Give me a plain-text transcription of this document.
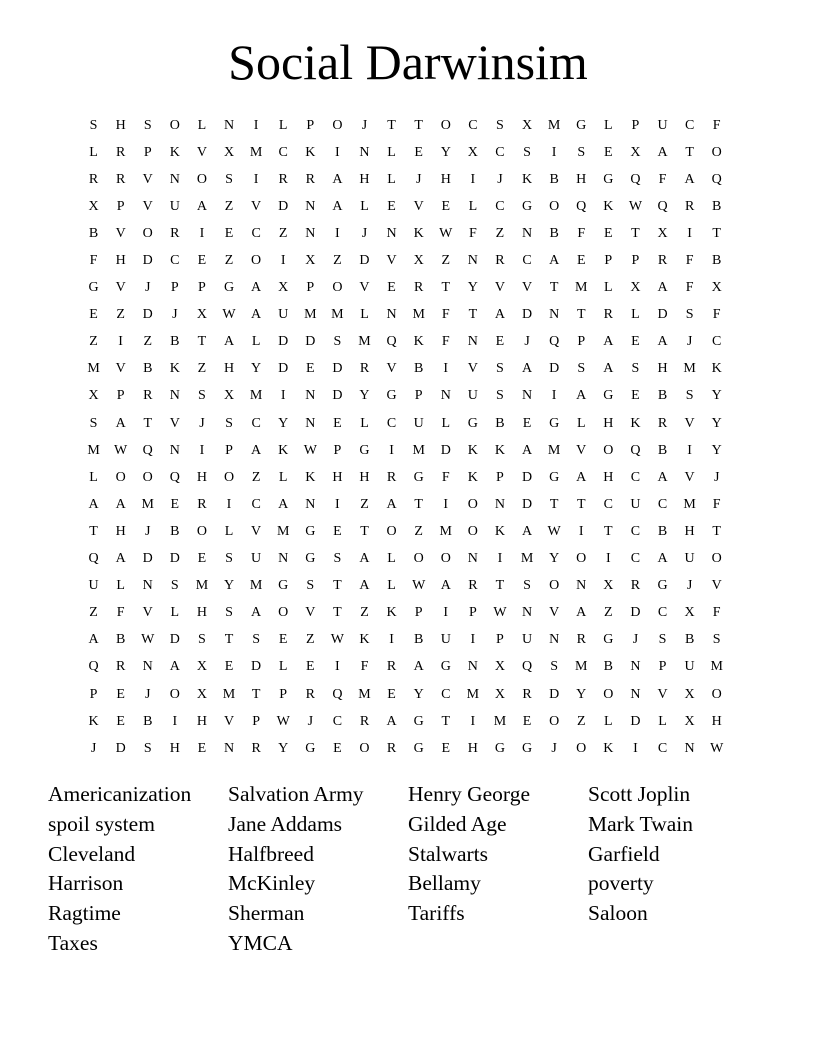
Social Darwinsim
S	H	S	O	L	N	I	L	P	O	J	T	T	O	C	S	X	M	G	L	P	U	C	F
L	R	P	K	V	X	M	C	K	I	N	L	E	Y	X	C	S	I	S	E	X	A	T	O
R	R	V	N	O	S	I	R	R	A	H	L	J	H	I	J	K	B	H	G	Q	F	A	Q
X	P	V	U	A	Z	V	D	N	A	L	E	V	E	L	C	G	O	Q	K	W	Q	R	B
B	V	O	R	I	E	C	Z	N	I	J	N	K	W	F	Z	N	B	F	E	T	X	I	T
F	H	D	C	E	Z	O	I	X	Z	D	V	X	Z	N	R	C	A	E	P	P	R	F	B
G	V	J	P	P	G	A	X	P	O	V	E	R	T	Y	V	V	T	M	L	X	A	F	X
E	Z	D	J	X	W	A	U	M	M	L	N	M	F	T	A	D	N	T	R	L	D	S	F
Z	I	Z	B	T	A	L	D	D	S	M	Q	K	F	N	E	J	Q	P	A	E	A	J	C
M	V	B	K	Z	H	Y	D	E	D	R	V	B	I	V	S	A	D	S	A	S	H	M	K
X	P	R	N	S	X	M	I	N	D	Y	G	P	N	U	S	N	I	A	G	E	B	S	Y
S	A	T	V	J	S	C	Y	N	E	L	C	U	L	G	B	E	G	L	H	K	R	V	Y
M	W	Q	N	I	P	A	K	W	P	G	I	M	D	K	K	A	M	V	O	Q	B	I	Y
L	O	O	Q	H	O	Z	L	K	H	H	R	G	F	K	P	D	G	A	H	C	A	V	J
A	A	M	E	R	I	C	A	N	I	Z	A	T	I	O	N	D	T	T	C	U	C	M	F
T	H	J	B	O	L	V	M	G	E	T	O	Z	M	O	K	A	W	I	T	C	B	H	T
Q	A	D	D	E	S	U	N	G	S	A	L	O	O	N	I	M	Y	O	I	C	A	U	O
U	L	N	S	M	Y	M	G	S	T	A	L	W	A	R	T	S	O	N	X	R	G	J	V
Z	F	V	L	H	S	A	O	V	T	Z	K	P	I	P	W	N	V	A	Z	D	C	X	F
A	B	W	D	S	T	S	E	Z	W	K	I	B	U	I	P	U	N	R	G	J	S	B	S
Q	R	N	A	X	E	D	L	E	I	F	R	A	G	N	X	Q	S	M	B	N	P	U	M
P	E	J	O	X	M	T	P	R	Q	M	E	Y	C	M	X	R	D	Y	O	N	V	X	O
K	E	B	I	H	V	P	W	J	C	R	A	G	T	I	M	E	O	Z	L	D	L	X	H
J	D	S	H	E	N	R	Y	G	E	O	R	G	E	H	G	G	J	O	K	I	C	N	W
Americanization	Salvation Army	Henry George	Scott Joplin
spoil system	Jane Addams	Gilded Age	Mark Twain
Cleveland	Halfbreed	Stalwarts	Garfield
Harrison	McKinley	Bellamy	poverty
Ragtime	Sherman	Tariffs	Saloon
Taxes	YMCA
